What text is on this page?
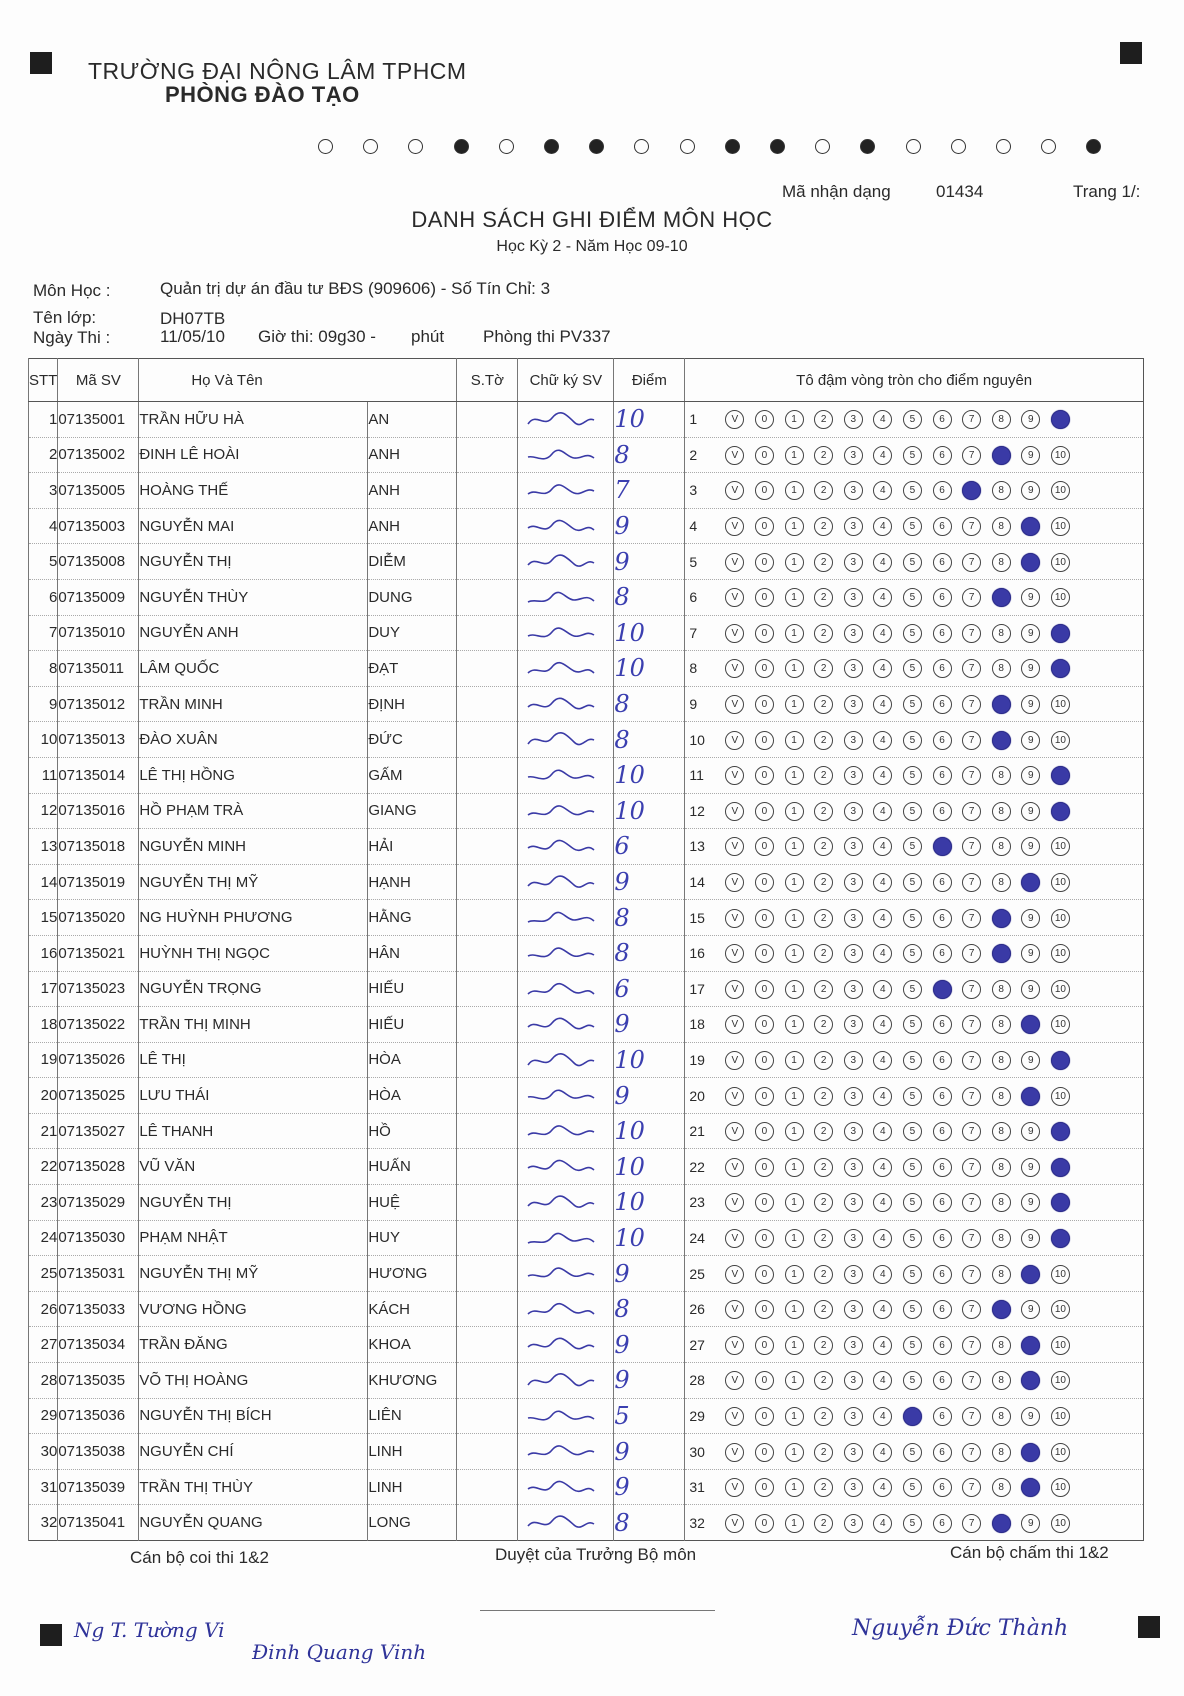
TRƯỜNG ĐẠI NÔNG LÂM TPHCM
PHÒNG ĐÀO TẠO
Mã nhận dạng	01434	Trang 1/:
DANH SÁCH GHI ĐIỂM MÔN HỌC
Học Kỳ 2 - Năm Học 09-10
Môn Học :	Quản trị dự án đầu tư BĐS (909606) - Số Tín Chỉ: 3
Tên lớp:	DH07TB
Ngày Thi :	11/05/10 Giờ thi: 09g30 - phút Phòng thi PV337
STT	Mã SV	Họ Và Tên		S.Tờ	Chữ ký SV	Điểm	Tô đậm vòng tròn cho điểm nguyên
1	07135001	TRẦN HỮU HÀ	AN			10	1 V 0 1 2 3 4 5 6 7 8 9
2	07135002	ĐINH LÊ HOÀI	ANH			8	2 V 0 1 2 3 4 5 6 7 9 10
3	07135005	HOÀNG THẾ	ANH			7	3 V 0 1 2 3 4 5 6 8 9 10
4	07135003	NGUYỄN MAI	ANH			9	4 V 0 1 2 3 4 5 6 7 8 10
5	07135008	NGUYỄN THỊ	DIỄM			9	5 V 0 1 2 3 4 5 6 7 8 10
6	07135009	NGUYỄN THÙY	DUNG			8	6 V 0 1 2 3 4 5 6 7 9 10
7	07135010	NGUYỄN ANH	DUY			10	7 V 0 1 2 3 4 5 6 7 8 9
8	07135011	LÂM QUỐC	ĐẠT			10	8 V 0 1 2 3 4 5 6 7 8 9
9	07135012	TRẦN MINH	ĐỊNH			8	9 V 0 1 2 3 4 5 6 7 9 10
10	07135013	ĐÀO XUÂN	ĐỨC			8	10 V 0 1 2 3 4 5 6 7 9 10
11	07135014	LÊ THỊ HỒNG	GẤM			10	11 V 0 1 2 3 4 5 6 7 8 9
12	07135016	HỒ PHẠM TRÀ	GIANG			10	12 V 0 1 2 3 4 5 6 7 8 9
13	07135018	NGUYỄN MINH	HẢI			6	13 V 0 1 2 3 4 5 7 8 9 10
14	07135019	NGUYỄN THỊ MỸ	HẠNH			9	14 V 0 1 2 3 4 5 6 7 8 10
15	07135020	NG HUỲNH PHƯƠNG	HẰNG			8	15 V 0 1 2 3 4 5 6 7 9 10
16	07135021	HUỲNH THỊ NGỌC	HÂN			8	16 V 0 1 2 3 4 5 6 7 9 10
17	07135023	NGUYỄN TRỌNG	HIẾU			6	17 V 0 1 2 3 4 5 7 8 9 10
18	07135022	TRẦN THỊ MINH	HIẾU			9	18 V 0 1 2 3 4 5 6 7 8 10
19	07135026	LÊ THỊ	HÒA			10	19 V 0 1 2 3 4 5 6 7 8 9
20	07135025	LƯU THÁI	HÒA			9	20 V 0 1 2 3 4 5 6 7 8 10
21	07135027	LÊ THANH	HỒ			10	21 V 0 1 2 3 4 5 6 7 8 9
22	07135028	VŨ VĂN	HUẤN			10	22 V 0 1 2 3 4 5 6 7 8 9
23	07135029	NGUYỄN THỊ	HUỆ			10	23 V 0 1 2 3 4 5 6 7 8 9
24	07135030	PHẠM NHẬT	HUY			10	24 V 0 1 2 3 4 5 6 7 8 9
25	07135031	NGUYỄN THỊ MỸ	HƯƠNG			9	25 V 0 1 2 3 4 5 6 7 8 10
26	07135033	VƯƠNG HỒNG	KÁCH			8	26 V 0 1 2 3 4 5 6 7 9 10
27	07135034	TRẦN ĐĂNG	KHOA			9	27 V 0 1 2 3 4 5 6 7 8 10
28	07135035	VÕ THỊ HOÀNG	KHƯƠNG			9	28 V 0 1 2 3 4 5 6 7 8 10
29	07135036	NGUYỄN THỊ BÍCH	LIÊN			5	29 V 0 1 2 3 4 6 7 8 9 10
30	07135038	NGUYỄN CHÍ	LINH			9	30 V 0 1 2 3 4 5 6 7 8 10
31	07135039	TRẦN THỊ THÙY	LINH			9	31 V 0 1 2 3 4 5 6 7 8 10
32	07135041	NGUYỄN QUANG	LONG			8	32 V 0 1 2 3 4 5 6 7 9 10
Cán bộ coi thi 1&2
Ng T. Tường Vi
Đinh Quang Vinh
Duyệt của Trưởng Bộ môn	Cán bộ chấm thi 1&2
Nguyễn Đức Thành
